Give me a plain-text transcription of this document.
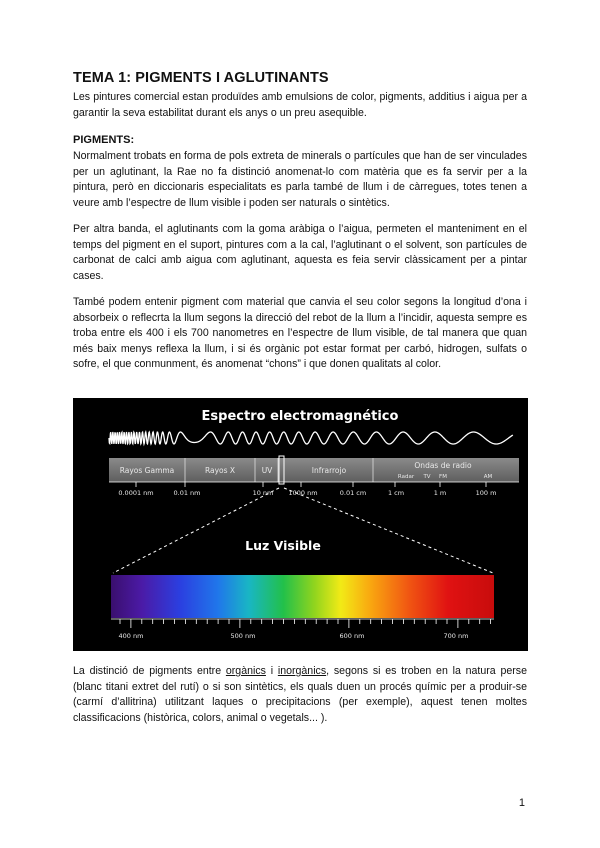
TEMA 1: PIGMENTS I AGLUTINANTS

Les pintures comercial estan produïdes amb emulsions de color, pigments, additius i aigua per a garantir la seva estabilitat durant els anys o un preu asequible.

PIGMENTS:

Normalment trobats en forma de pols extreta de minerals o partícules que han de ser vinculades per un aglutinant, la Rae no fa distinció anomenat-lo com matèria que es fa servir per a la pintura, però en diccionaris especialitats es parla també de llum i de càrregues, totes tenen a veure amb l’espectre de llum visible i poden ser naturals o sintètics.

Per altra banda, el aglutinants com la goma aràbiga o l’aigua, permeten el manteniment en el temps del pigment en el suport, pintures com a la cal, l’aglutinant o el solvent, son partícules de carbonat de calci amb aigua com aglutinant, aquesta es feia servir clàssicament per a pintar cases.

També podem entenir pigment com material que canvia el seu color segons la longitud d’ona i absorbeix o reflecrta la llum segons la direcció del rebot de la llum a l’incidir, aquesta sempre es troba entre els 400 i els 700 nanometres en l’espectre de llum visible, de tal manera que quan més baix menys reflexa la llum, i si és orgànic pot estar format per carbó, hidrogen, sulfats o sofre, el que conmunment, és anomenat “chons” i que donen qualitats al color.

Espectro electromagnético
Rayos Gamma	Rayos X	UV	Infrarrojo
Ondas de radio
Radar TV FM	AM
0.0001 nm	0.01 nm	10 nm 1000 nm	0.01 cm	1 cm	1 m	100 m
Luz Visible
400 nm	500 nm	600 nm	700 nm

La distinció de pigments entre orgànics i inorgànics, segons si es troben en la natura perse (blanc titani extret del rutí) o si son sintètics, els quals duen un procés químic per a produir-se (carmí d’allitrina) utilitzant laques o precipitacions (per exemple), aquest tenen moltes classificacions (històrica, colors, animal o vegetals... ).

1
